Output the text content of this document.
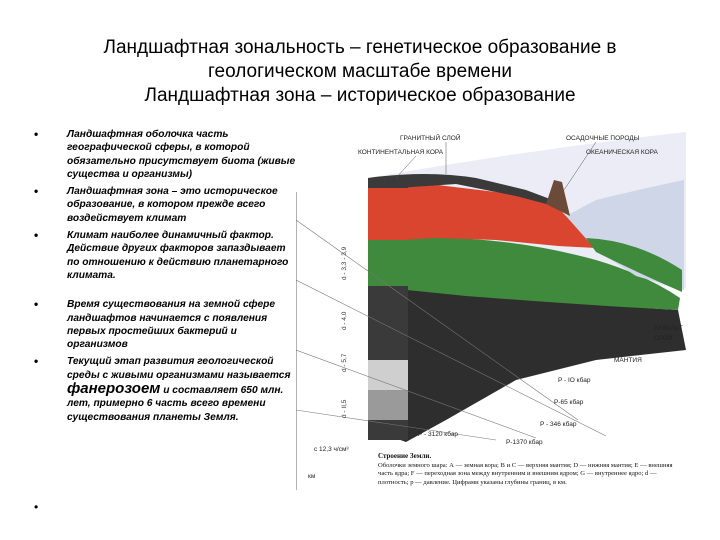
Ландшафтная зональность – генетическое образование в
геологическом масштабе времени
Ландшафтная зона – историческое образование
•	Ландшафтная оболочка часть географической сферы, в которой обязательно присутствует биота (живые существа и организмы)
•	Ландшафтная зона – это историческое образование, в котором прежде всего воздействует климат
•	Климат наиболее динамичный фактор. Действие других факторов запаздывает по отношению к действию планетарного климата.
•	Время существования на земной сфере ландшафтов начинается с появления первых простейших бактерий и организмов
•	Текущий этап развития геологической среды с живыми организмами называется фанерозоем и составляет 650 млн. лет, примерно 6 часть всего времени существования планеты Земля.
•
ГРАНИТНЫЙ СЛОЙ
КОНТИНЕНТАЛЬНАЯ КОРА
ОСАДОЧНЫЕ ПОРОДЫ
ОКЕАНИЧЕСКАЯ КОРА
БАЗАЛЬТ
СЛОЙ
МАНТИЯ
P - IO кбар
P-65 кбар
P - 346 кбар
P-1370 кбар
P - 3120 кбар
с 12,3 ч/см³
км
d - 3,3 - 3,9
d - 4,0
d - 5,7
d - II,5
Строение Земли.
Оболочки земного шара: А — земная кора; В и С — верхняя мантия; D — нижняя мантия; Е — внешняя часть ядра; F — переходная зона между внутренним и внешним ядром; G — внутреннее ядро; d — плотность; p — давление. Цифрами указаны глубины границ, в км.
